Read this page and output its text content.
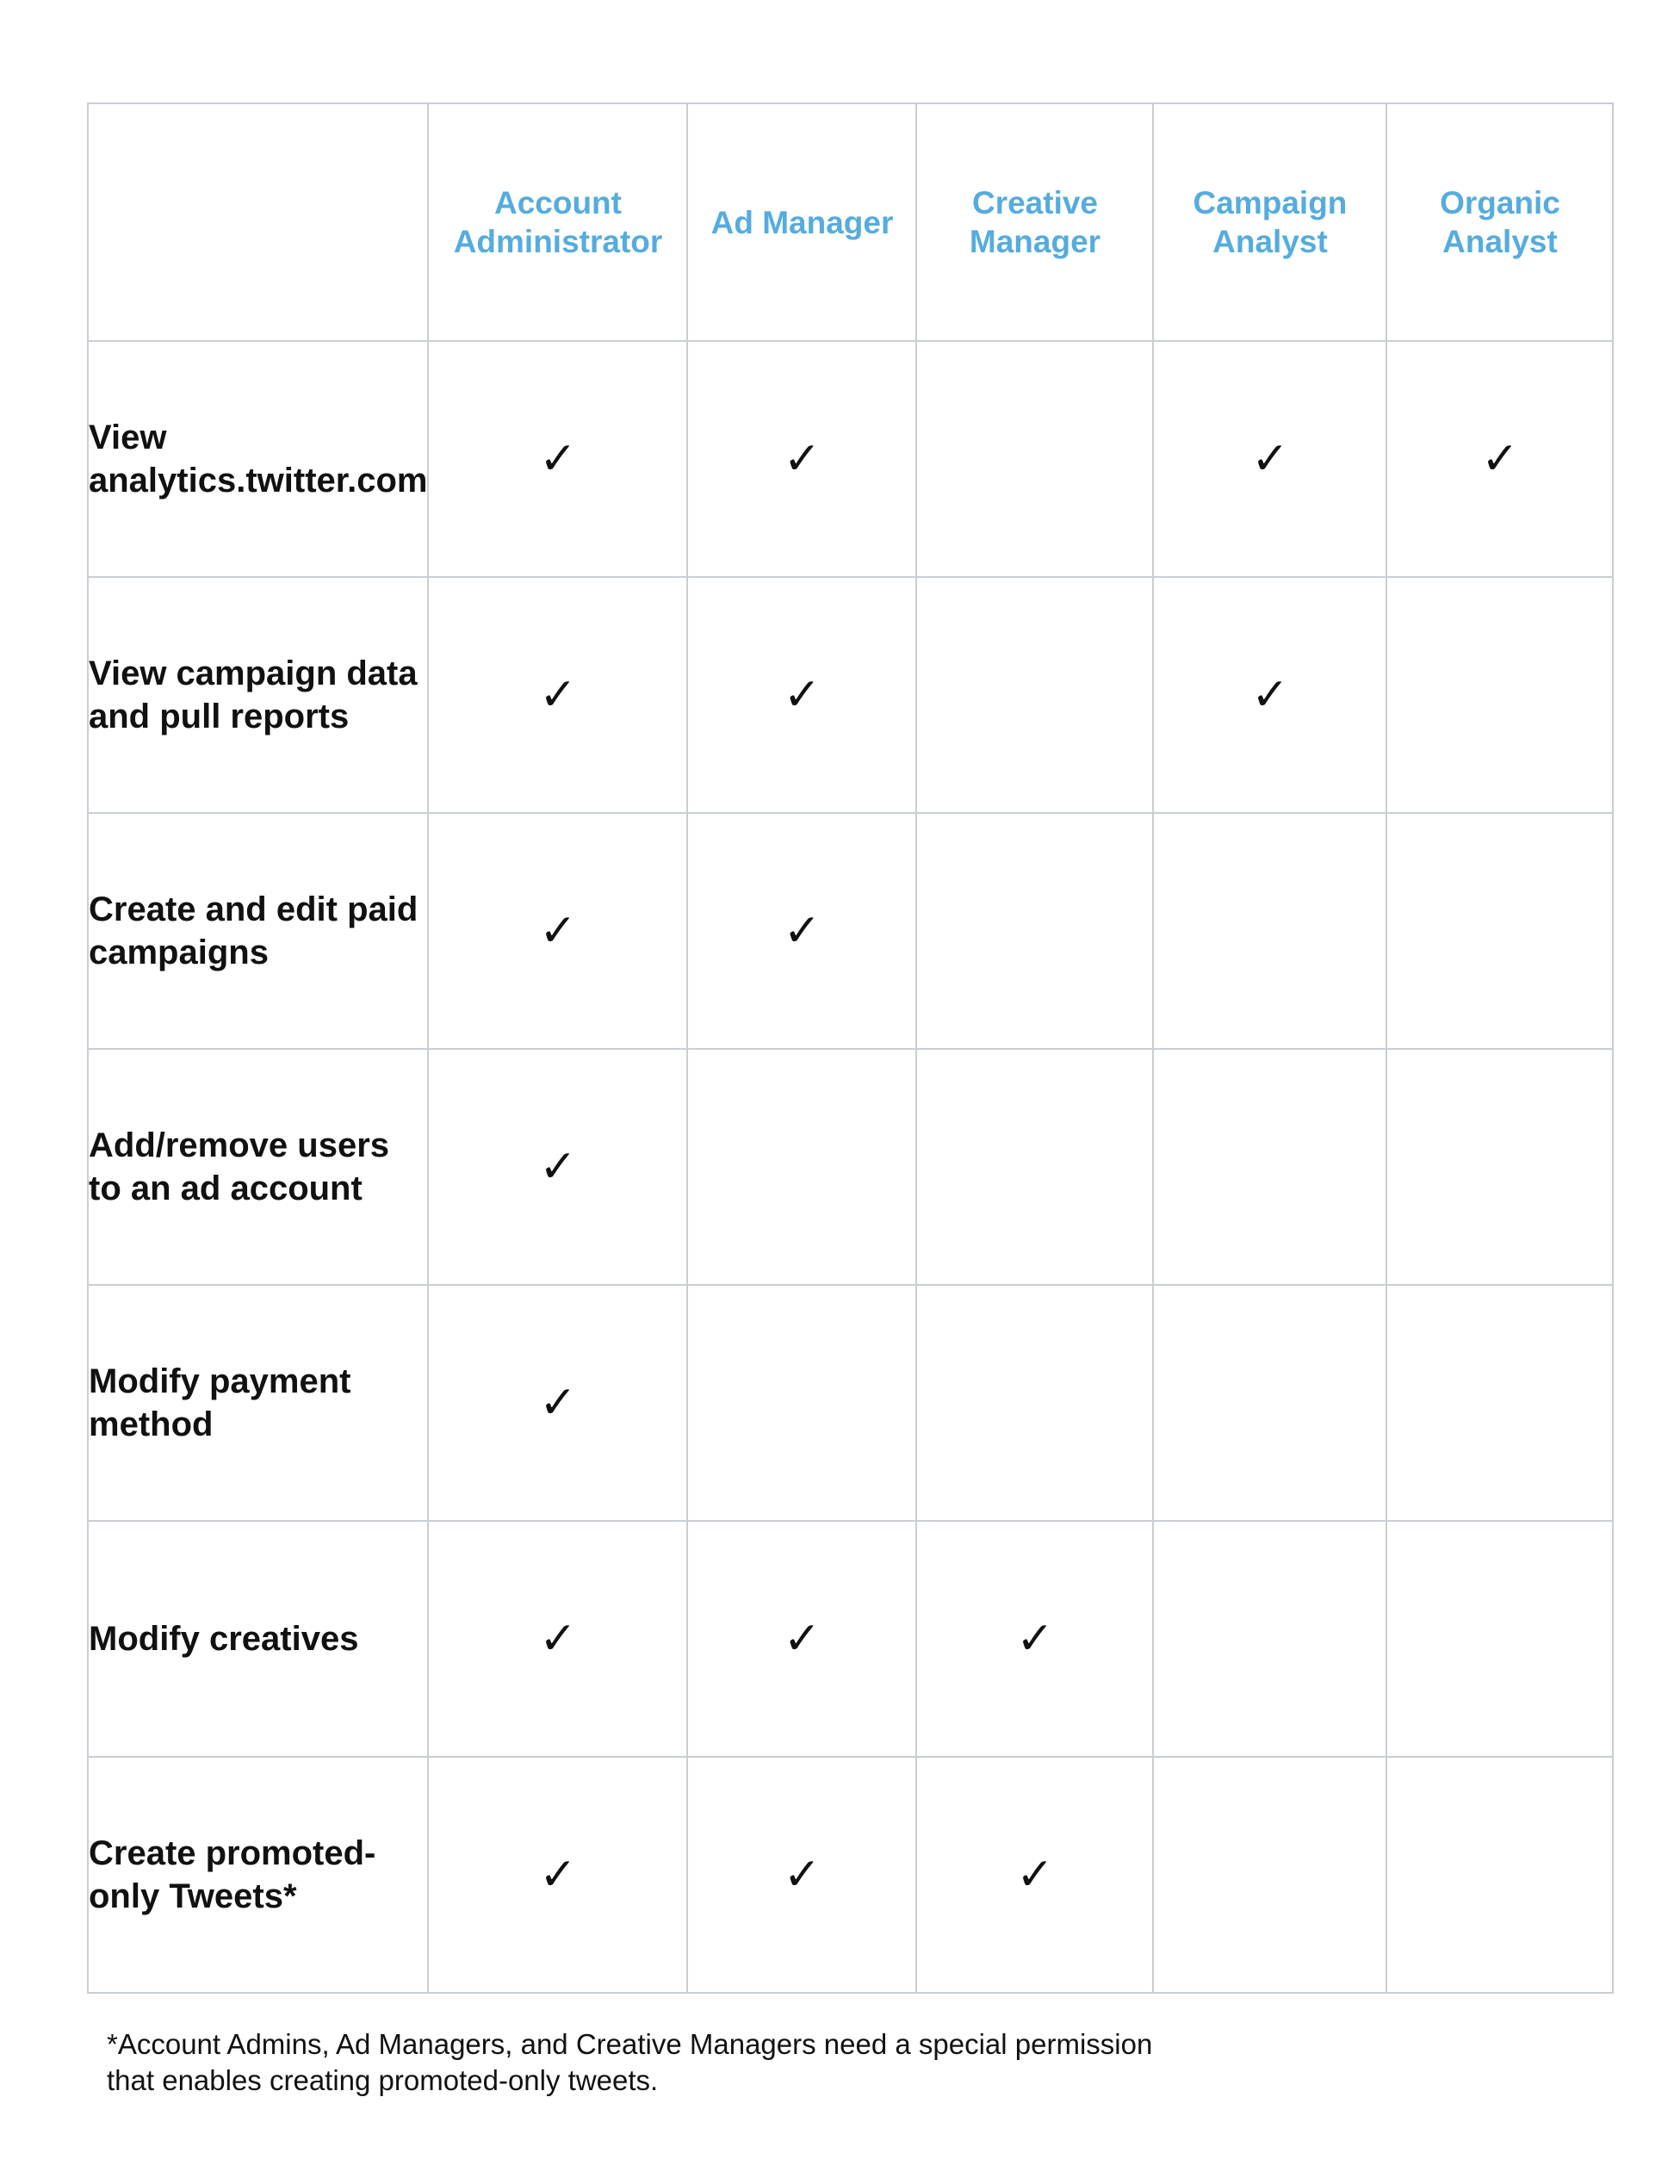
	Account Administrator	Ad Manager	Creative Manager	Campaign Analyst	Organic Analyst
View analytics.twitter.com	✓	✓		✓	✓
View campaign data and pull reports	✓	✓		✓	
Create and edit paid campaigns	✓	✓			
Add/remove users to an ad account	✓				
Modify payment method	✓				
Modify creatives	✓	✓	✓		
Create promoted-only Tweets*	✓	✓	✓		
*Account Admins, Ad Managers, and Creative Managers need a special permission
that enables creating promoted-only tweets.
